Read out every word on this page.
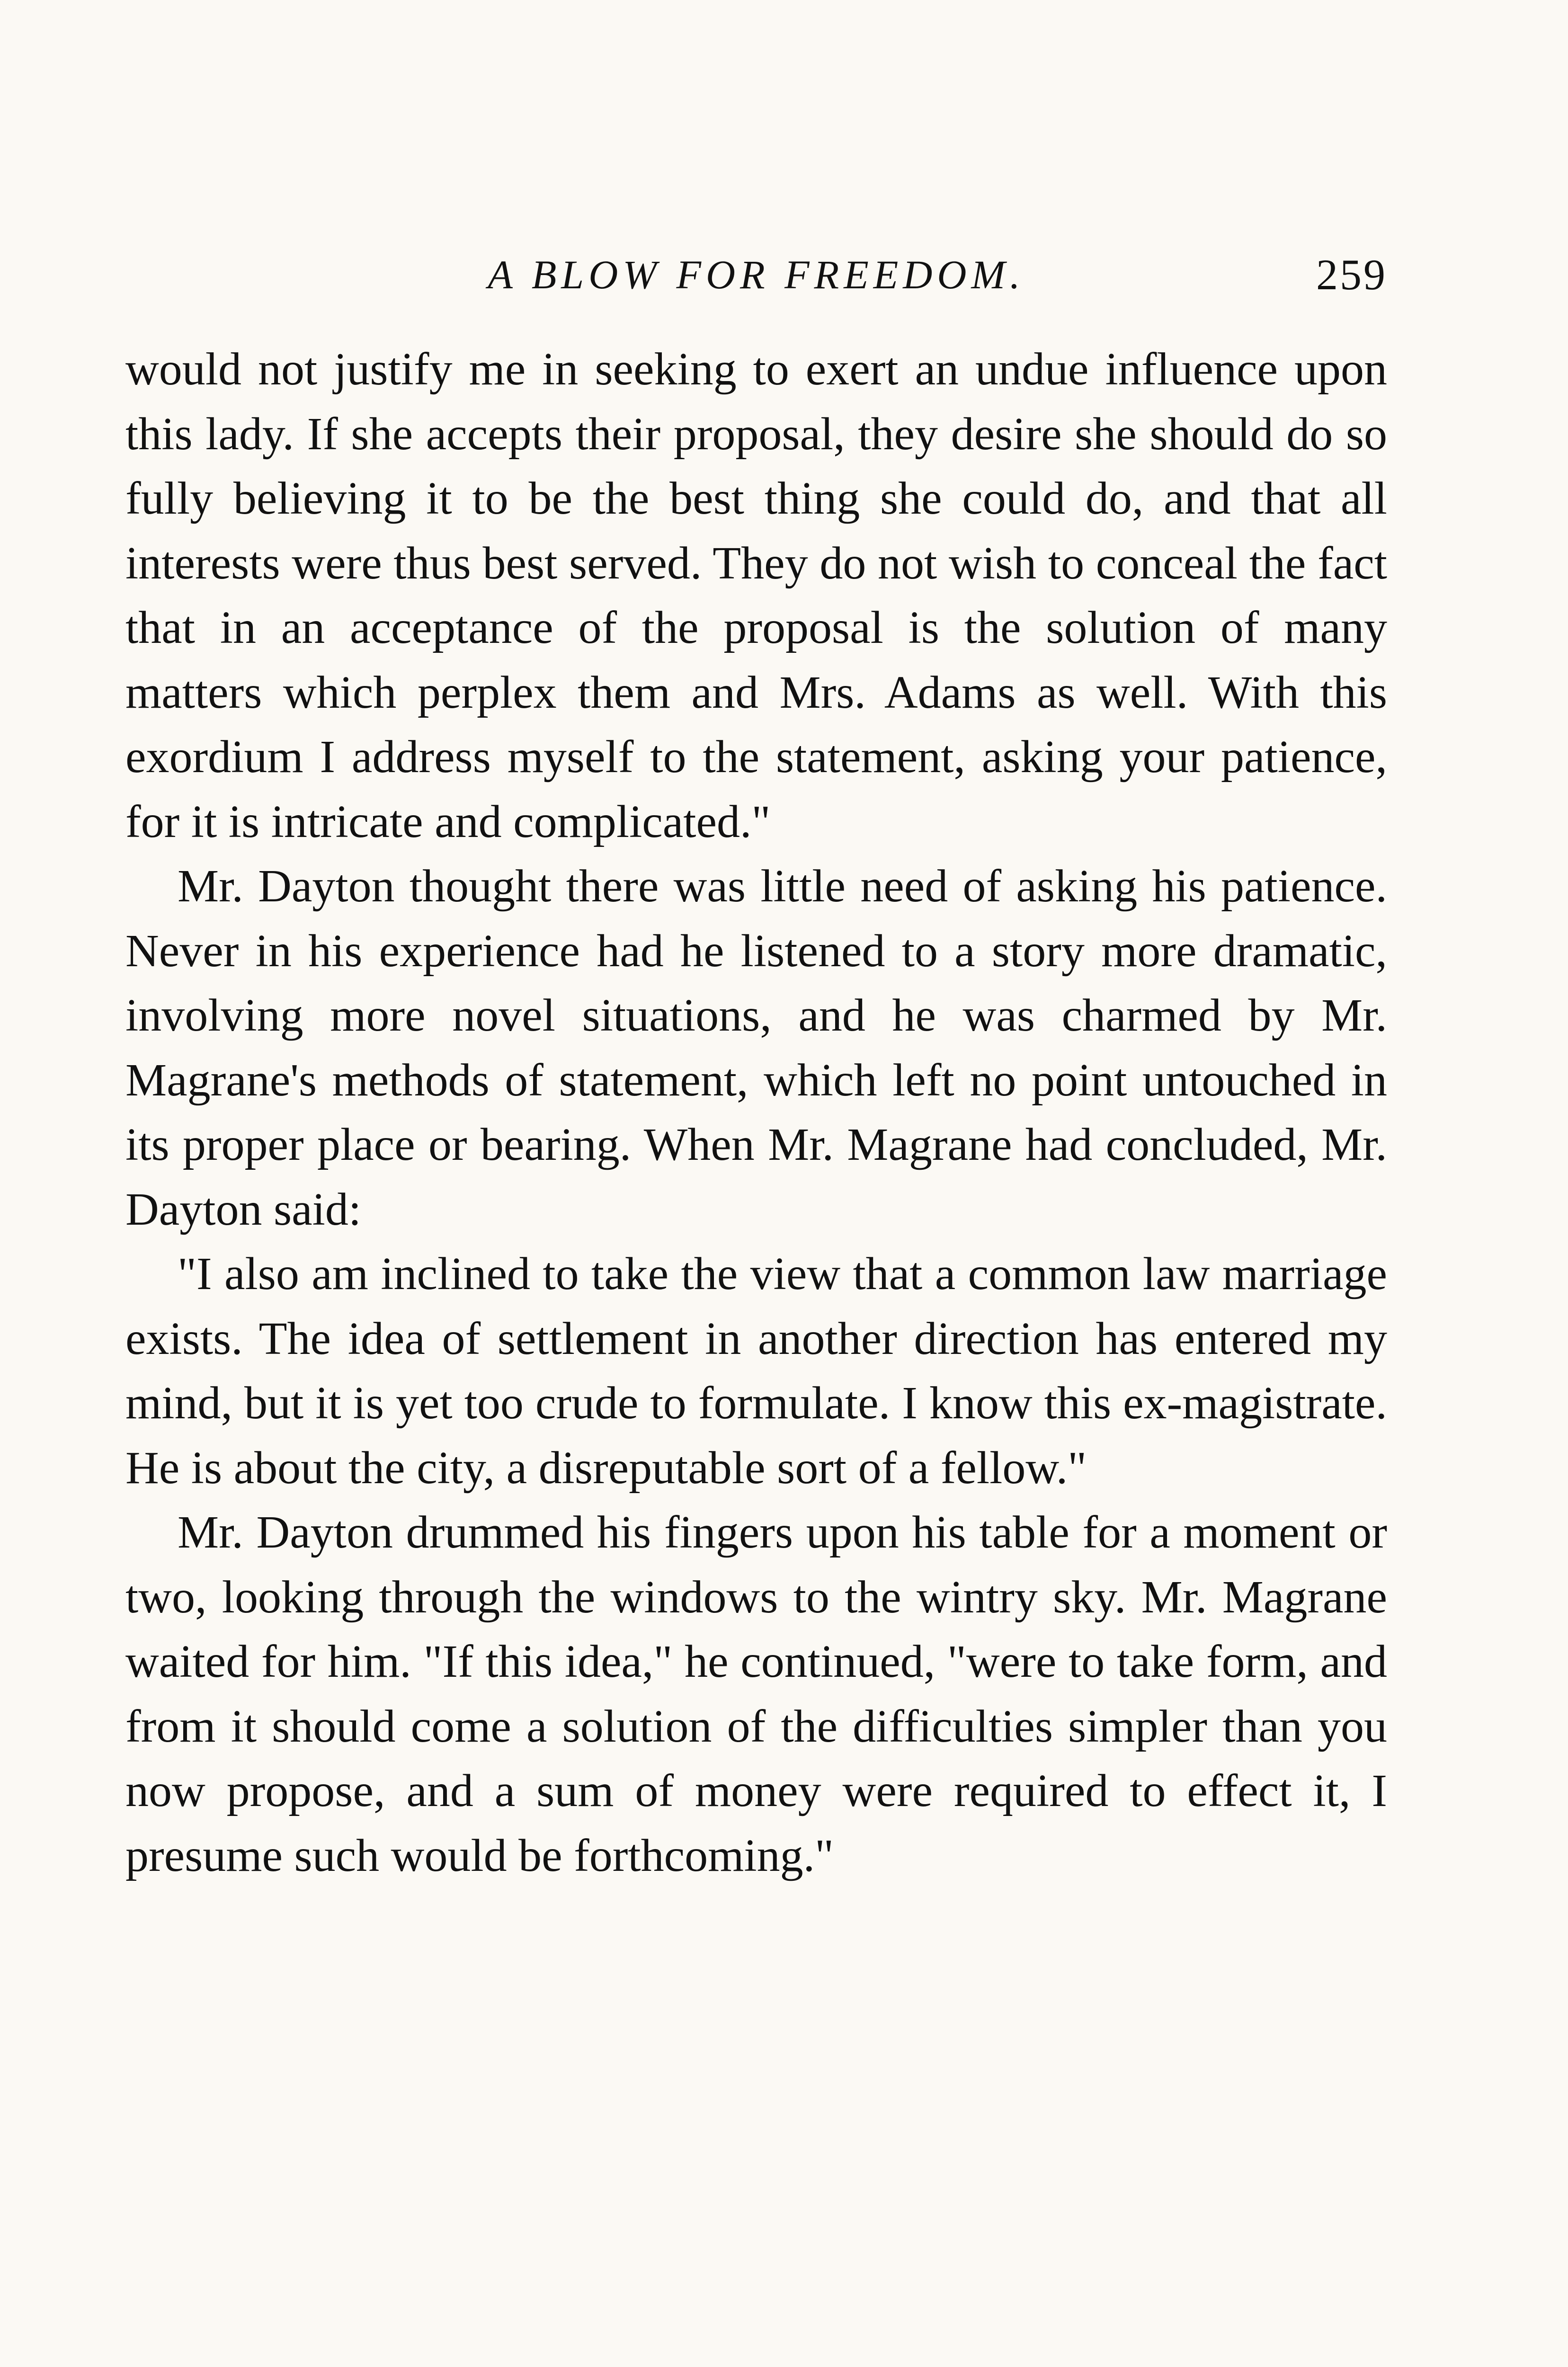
A BLOW FOR FREEDOM.	259

would not justify me in seeking to exert an undue influence upon this lady. If she accepts their proposal, they desire she should do so fully believing it to be the best thing she could do, and that all interests were thus best served. They do not wish to conceal the fact that in an acceptance of the proposal is the solution of many matters which perplex them and Mrs. Adams as well. With this exordium I address myself to the statement, asking your patience, for it is intricate and complicated."

Mr. Dayton thought there was little need of asking his patience. Never in his experience had he listened to a story more dramatic, involving more novel situations, and he was charmed by Mr. Magrane's methods of statement, which left no point untouched in its proper place or bearing. When Mr. Magrane had concluded, Mr. Dayton said:

"I also am inclined to take the view that a common law marriage exists. The idea of settlement in another direction has entered my mind, but it is yet too crude to formulate. I know this ex-magistrate. He is about the city, a disreputable sort of a fellow."

Mr. Dayton drummed his fingers upon his table for a moment or two, looking through the windows to the wintry sky. Mr. Magrane waited for him. "If this idea," he continued, "were to take form, and from it should come a solution of the difficulties simpler than you now propose, and a sum of money were required to effect it, I presume such would be forthcoming."
